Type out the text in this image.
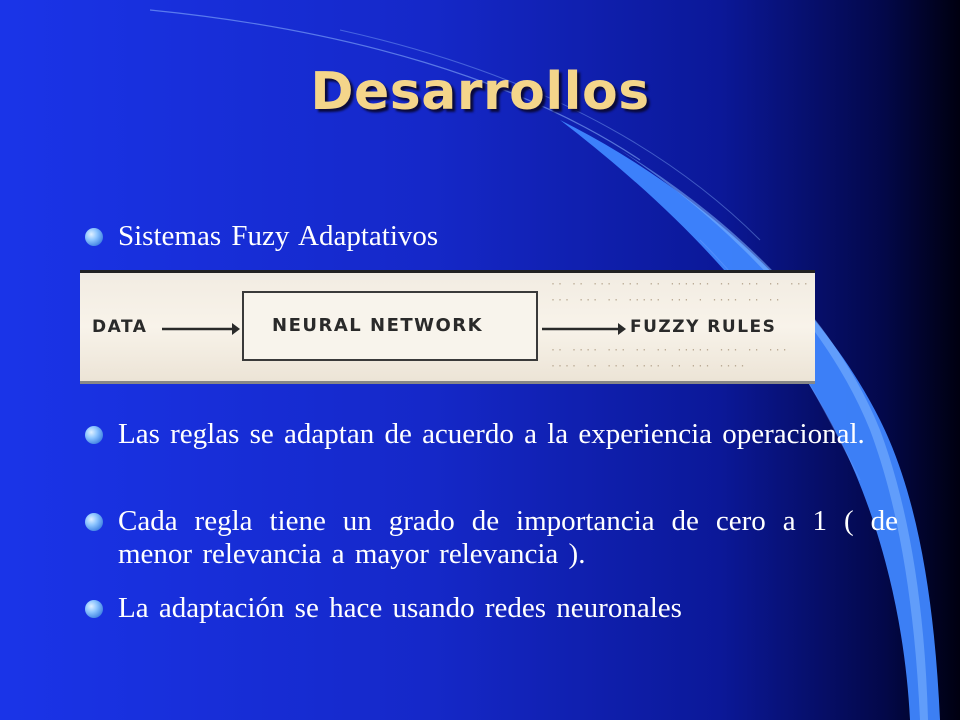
Desarrollos
Sistemas Fuzy Adaptativos
·· ·· ··· ··· ·· ······ ·· ··· ·· ···
··· ··· ·· ····· ··· · ···· ·· ··
·· ···· ··· ·· ·· ····· ··· ·· ···
···· ·· ··· ···· ·· ··· ····
DATA	NEURAL NETWORK	FUZZY RULES
Las reglas se adaptan de acuerdo a la experiencia operacional.
Cada regla tiene un grado de importancia de cero a 1 ( de menor relevancia a mayor relevancia ).
La adaptación se hace usando redes neuronales
